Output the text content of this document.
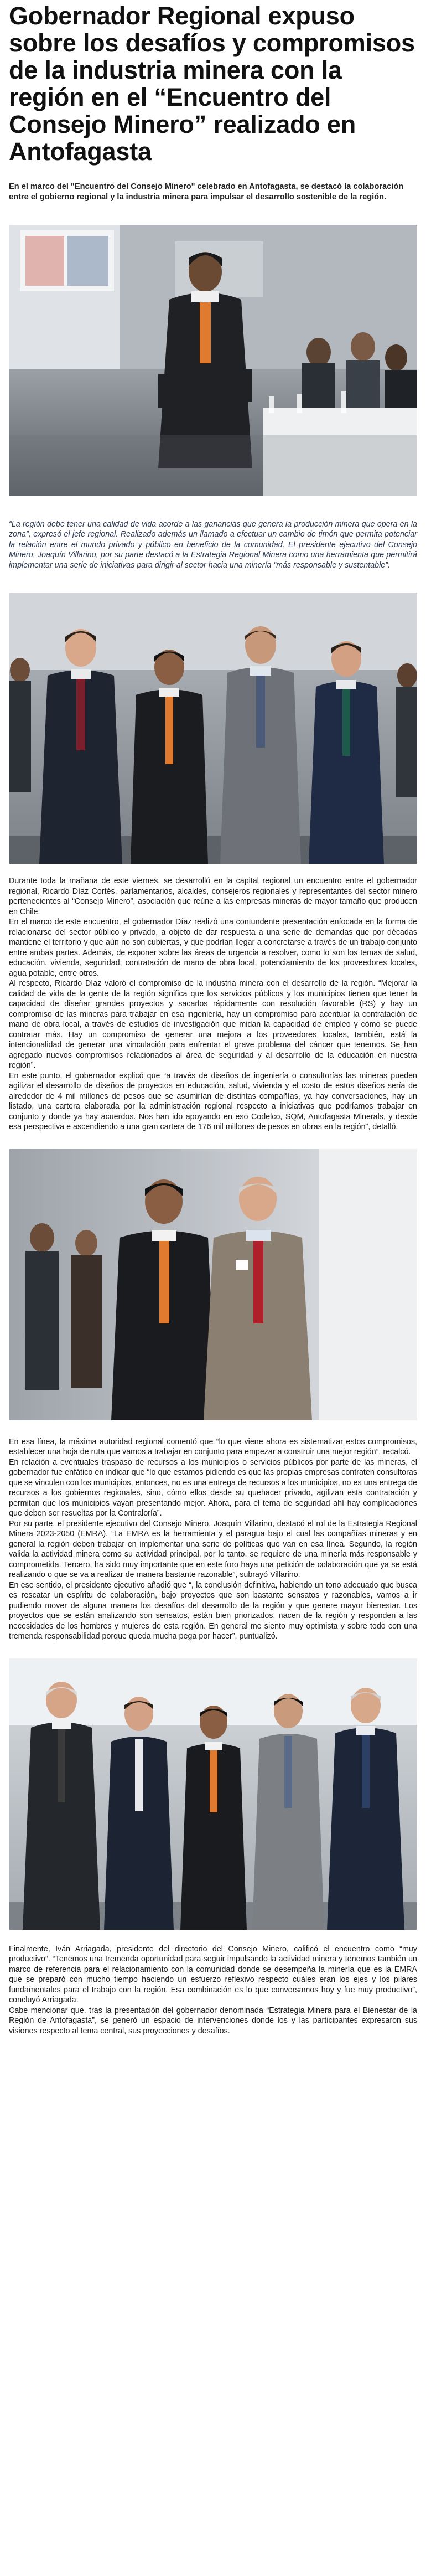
Gobernador Regional expuso sobre los desafíos y compromisos de la industria minera con la región en el “Encuentro del Consejo Minero” realizado en Antofagasta

En el marco del "Encuentro del Consejo Minero" celebrado en Antofagasta, se destacó la colaboración entre el gobierno regional y la industria minera para impulsar el desarrollo sostenible de la región.

“La región debe tener una calidad de vida acorde a las ganancias que genera la producción minera que opera en la zona”, expresó el jefe regional. Realizado además un llamado a efectuar un cambio de timón que permita potenciar la relación entre el mundo privado y público en beneficio de la comunidad. El presidente ejecutivo del Consejo Minero, Joaquín Villarino, por su parte destacó a la Estrategia Regional Minera como una herramienta que permitirá implementar una serie de iniciativas para dirigir al sector hacia una minería “más responsable y sustentable”.

Durante toda la mañana de este viernes, se desarrolló en la capital regional un encuentro entre el gobernador regional, Ricardo Díaz Cortés, parlamentarios, alcaldes, consejeros regionales y representantes del sector minero pertenecientes al “Consejo Minero”, asociación que reúne a las empresas mineras de mayor tamaño que producen en Chile.

En el marco de este encuentro, el gobernador Díaz realizó una contundente presentación enfocada en la forma de relacionarse del sector público y privado, a objeto de dar respuesta a una serie de demandas que por décadas mantiene el territorio y que aún no son cubiertas, y que podrían llegar a concretarse a través de un trabajo conjunto entre ambas partes. Además, de exponer sobre las áreas de urgencia a resolver, como lo son los temas de salud, educación, vivienda, seguridad, contratación de mano de obra local, potenciamiento de los proveedores locales, agua potable, entre otros.

Al respecto, Ricardo Díaz valoró el compromiso de la industria minera con el desarrollo de la región. “Mejorar la calidad de vida de la gente de la región significa que los servicios públicos y los municipios tienen que tener la capacidad de diseñar grandes proyectos y sacarlos rápidamente con resolución favorable (RS) y hay un compromiso de las mineras para trabajar en esa ingeniería, hay un compromiso para acentuar la contratación de mano de obra local, a través de estudios de investigación que midan la capacidad de empleo y cómo se puede contratar más. Hay un compromiso de generar una mejora a los proveedores locales, también, está la intencionalidad de generar una vinculación para enfrentar el grave problema del cáncer que tenemos. Se han agregado nuevos compromisos relacionados al área de seguridad y al desarrollo de la educación en nuestra región”.

En este punto, el gobernador explicó que “a través de diseños de ingeniería o consultorías las mineras pueden agilizar el desarrollo de diseños de proyectos en educación, salud, vivienda y el costo de estos diseños sería de alrededor de 4 mil millones de pesos que se asumirían de distintas compañías, ya hay conversaciones, hay un listado, una cartera elaborada por la administración regional respecto a iniciativas que podríamos trabajar en conjunto y donde ya hay acuerdos. Nos han ido apoyando en eso Codelco, SQM, Antofagasta Minerals, y desde esa perspectiva e ascendiendo a una gran cartera de 176 mil millones de pesos en obras en la región”, detalló.

En esa línea, la máxima autoridad regional comentó que “lo que viene ahora es sistematizar estos compromisos, establecer una hoja de ruta que vamos a trabajar en conjunto para empezar a construir una mejor región”, recalcó.

En relación a eventuales traspaso de recursos a los municipios o servicios públicos por parte de las mineras, el gobernador fue enfático en indicar que “lo que estamos pidiendo es que las propias empresas contraten consultoras que se vinculen con los municipios, entonces, no es una entrega de recursos a los municipios, no es una entrega de recursos a los gobiernos regionales, sino, cómo ellos desde su quehacer privado, agilizan esta contratación y permitan que los municipios vayan presentando mejor. Ahora, para el tema de seguridad ahí hay complicaciones que deben ser resueltas por la Contraloría”.

Por su parte, el presidente ejecutivo del Consejo Minero, Joaquín Villarino, destacó el rol de la Estrategia Regional Minera 2023-2050 (EMRA). “La EMRA es la herramienta y el paragua bajo el cual las compañías mineras y en general la región deben trabajar en implementar una serie de políticas que van en esa línea. Segundo, la región valida la actividad minera como su actividad principal, por lo tanto, se requiere de una minería más responsable y comprometida. Tercero, ha sido muy importante que en este foro haya una petición de colaboración que ya se está realizando o que se va a realizar de manera bastante razonable”, subrayó Villarino.

En ese sentido, el presidente ejecutivo añadió que “, la conclusión definitiva, habiendo un tono adecuado que busca es rescatar un espíritu de colaboración, bajo proyectos que son bastante sensatos y razonables, vamos a ir pudiendo mover de alguna manera los desafíos del desarrollo de la región y que genere mayor bienestar. Los proyectos que se están analizando son sensatos, están bien priorizados, nacen de la región y responden a las necesidades de los hombres y mujeres de esta región. En general me siento muy optimista y sobre todo con una tremenda responsabilidad porque queda mucha pega por hacer”, puntualizó.

Finalmente, Iván Arriagada, presidente del directorio del Consejo Minero, calificó el encuentro como “muy productivo”. “Tenemos una tremenda oportunidad para seguir impulsando la actividad minera y tenemos también un marco de referencia para el relacionamiento con la comunidad donde se desempeña la minería que es la EMRA que se preparó con mucho tiempo haciendo un esfuerzo reflexivo respecto cuáles eran los ejes y los pilares fundamentales para el trabajo con la región. Esa combinación es lo que conversamos hoy y fue muy productivo”, concluyó Arriagada.

Cabe mencionar que, tras la presentación del gobernador denominada “Estrategia Minera para el Bienestar de la Región de Antofagasta”, se generó un espacio de intervenciones donde los y las participantes expresaron sus visiones respecto al tema central, sus proyecciones y desafíos.
